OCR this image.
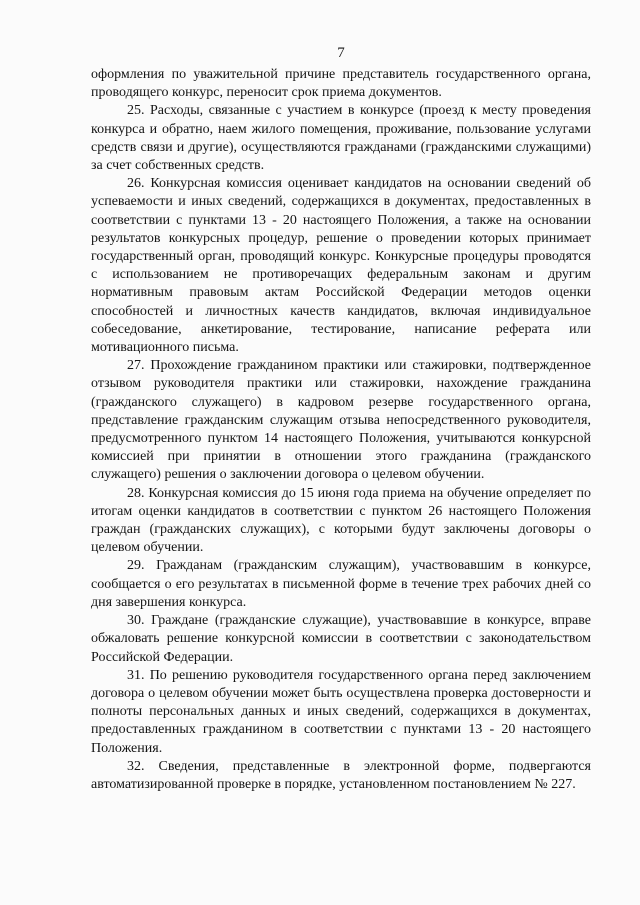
7

оформления по уважительной причине представитель государственного органа, проводящего конкурс, переносит срок приема документов.

25. Расходы, связанные с участием в конкурсе (проезд к месту проведения конкурса и обратно, наем жилого помещения, проживание, пользование услугами средств связи и другие), осуществляются гражданами (гражданскими служащими) за счет собственных средств.

26. Конкурсная комиссия оценивает кандидатов на основании сведений об успеваемости и иных сведений, содержащихся в документах, предоставленных в соответствии с пунктами 13 - 20 настоящего Положения, а также на основании результатов конкурсных процедур, решение о проведении которых принимает государственный орган, проводящий конкурс. Конкурсные процедуры проводятся с использованием не противоречащих федеральным законам и другим нормативным правовым актам Российской Федерации методов оценки способностей и личностных качеств кандидатов, включая индивидуальное собеседование, анкетирование, тестирование, написание реферата или мотивационного письма.

27. Прохождение гражданином практики или стажировки, подтвержденное отзывом руководителя практики или стажировки, нахождение гражданина (гражданского служащего) в кадровом резерве государственного органа, представление гражданским служащим отзыва непосредственного руководителя, предусмотренного пунктом 14 настоящего Положения, учитываются конкурсной комиссией при принятии в отношении этого гражданина (гражданского служащего) решения о заключении договора о целевом обучении.

28. Конкурсная комиссия до 15 июня года приема на обучение определяет по итогам оценки кандидатов в соответствии с пунктом 26 настоящего Положения граждан (гражданских служащих), с которыми будут заключены договоры о целевом обучении.

29. Гражданам (гражданским служащим), участвовавшим в конкурсе, сообщается о его результатах в письменной форме в течение трех рабочих дней со дня завершения конкурса.

30. Граждане (гражданские служащие), участвовавшие в конкурсе, вправе обжаловать решение конкурсной комиссии в соответствии с законодательством Российской Федерации.

31. По решению руководителя государственного органа перед заключением договора о целевом обучении может быть осуществлена проверка достоверности и полноты персональных данных и иных сведений, содержащихся в документах, предоставленных гражданином в соответствии с пунктами 13 - 20 настоящего Положения.

32. Сведения, представленные в электронной форме, подвергаются автоматизированной проверке в порядке, установленном постановлением № 227.
